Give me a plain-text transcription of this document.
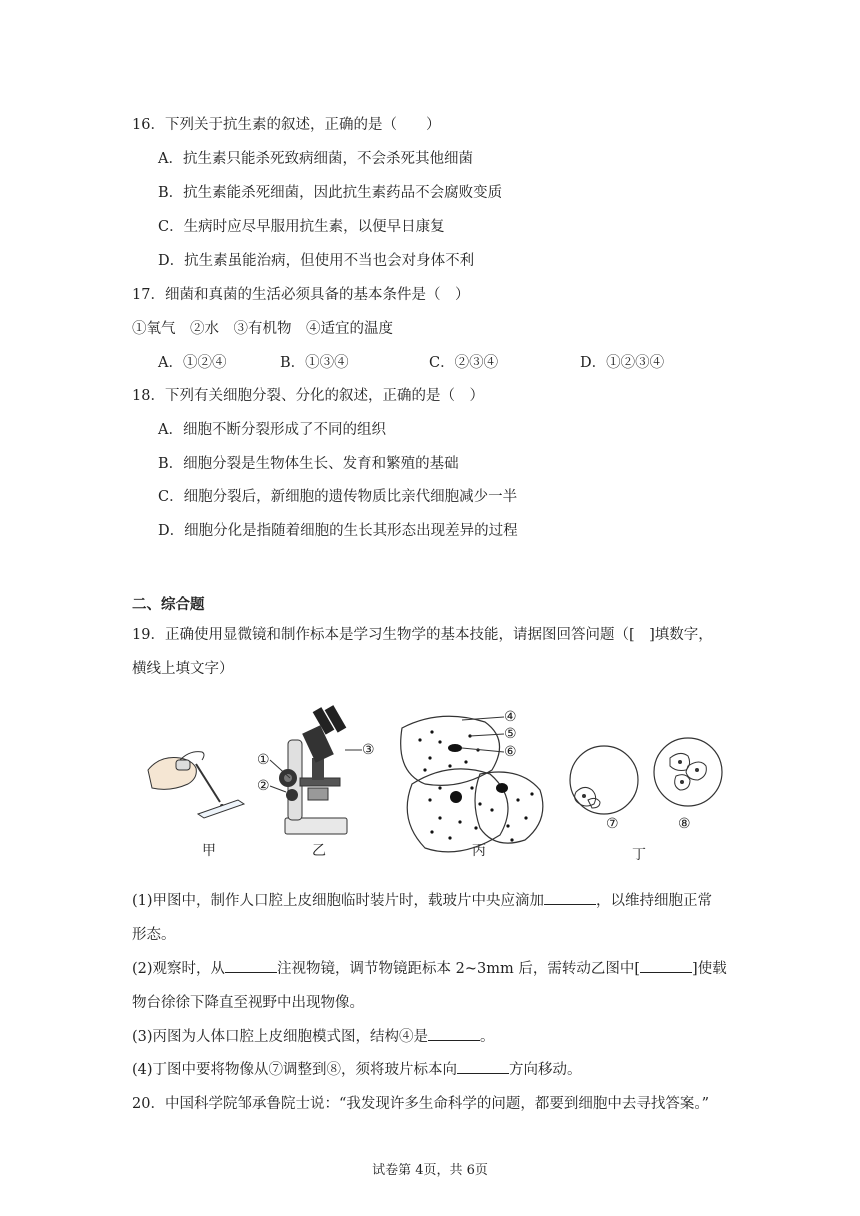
16．下列关于抗生素的叙述，正确的是（　　）
A．抗生素只能杀死致病细菌，不会杀死其他细菌
B．抗生素能杀死细菌，因此抗生素药品不会腐败变质
C．生病时应尽早服用抗生素，以便早日康复
D．抗生素虽能治病，但使用不当也会对身体不利
17．细菌和真菌的生活必须具备的基本条件是（　）
①氧气　②水　③有机物　④适宜的温度
A．①②④	B．①③④	C．②③④	D．①②③④
18．下列有关细胞分裂、分化的叙述，正确的是（　）
A．细胞不断分裂形成了不同的组织
B．细胞分裂是生物体生长、发育和繁殖的基础
C．细胞分裂后，新细胞的遗传物质比亲代细胞减少一半
D．细胞分化是指随着细胞的生长其形态出现差异的过程
二、综合题
19．正确使用显微镜和制作标本是学习生物学的基本技能，请据图回答问题（[　]填数字，
横线上填文字）
①
②
③
④
⑤
⑥
⑦	⑧
甲	乙	丙	丁
(1)甲图中，制作人口腔上皮细胞临时装片时，载玻片中央应滴加	，以维持细胞正常
形态。
(2)观察时，从	注视物镜，调节物镜距标本 2~3mm 后，需转动乙图中[	]使载
物台徐徐下降直至视野中出现物像。
(3)丙图为人体口腔上皮细胞模式图，结构④是	。
(4)丁图中要将物像从⑦调整到⑧，须将玻片标本向	方向移动。
20．中国科学院邹承鲁院士说：“我发现许多生命科学的问题，都要到细胞中去寻找答案。”
试卷第 4页，共 6页
